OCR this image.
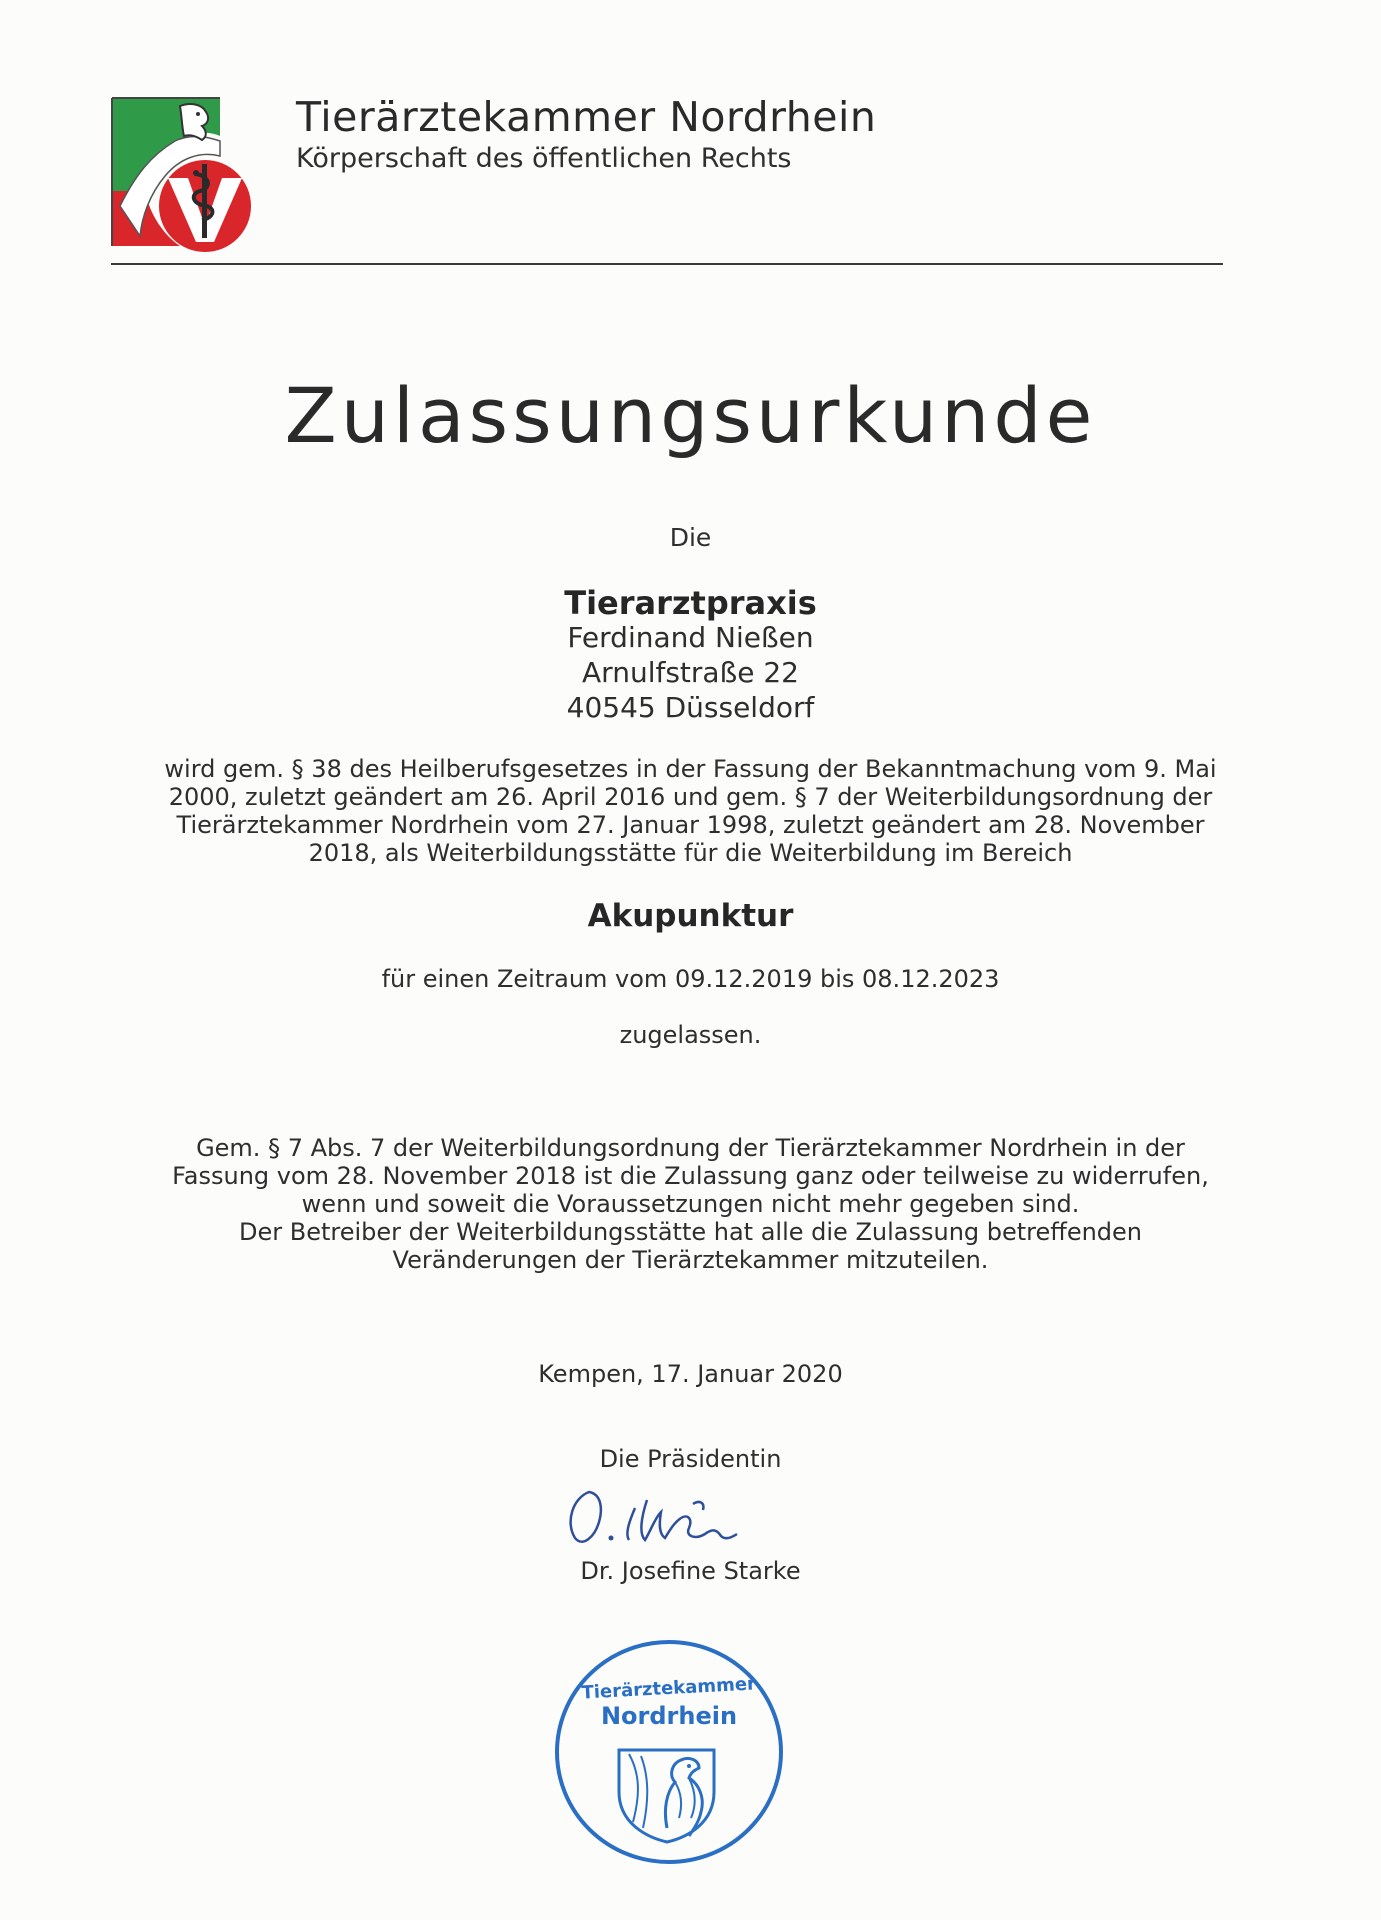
Tierärztekammer Nordrhein
Körperschaft des öffentlichen Rechts
Zulassungsurkunde
Die
Tierarztpraxis
Ferdinand Nießen
Arnulfstraße 22
40545 Düsseldorf
wird gem. § 38 des Heilberufsgesetzes in der Fassung der Bekanntmachung vom 9. Mai
2000, zuletzt geändert am 26. April 2016 und gem. § 7 der Weiterbildungsordnung der
Tierärztekammer Nordrhein vom 27. Januar 1998, zuletzt geändert am 28. November
2018, als Weiterbildungsstätte für die Weiterbildung im Bereich
Akupunktur
für einen Zeitraum vom 09.12.2019 bis 08.12.2023
zugelassen.
Gem. § 7 Abs. 7 der Weiterbildungsordnung der Tierärztekammer Nordrhein in der
Fassung vom 28. November 2018 ist die Zulassung ganz oder teilweise zu widerrufen,
wenn und soweit die Voraussetzungen nicht mehr gegeben sind.
Der Betreiber der Weiterbildungsstätte hat alle die Zulassung betreffenden
Veränderungen der Tierärztekammer mitzuteilen.
Kempen, 17. Januar 2020
Die Präsidentin
Dr. Josefine Starke
Tierärztekammer
Nordrhein
